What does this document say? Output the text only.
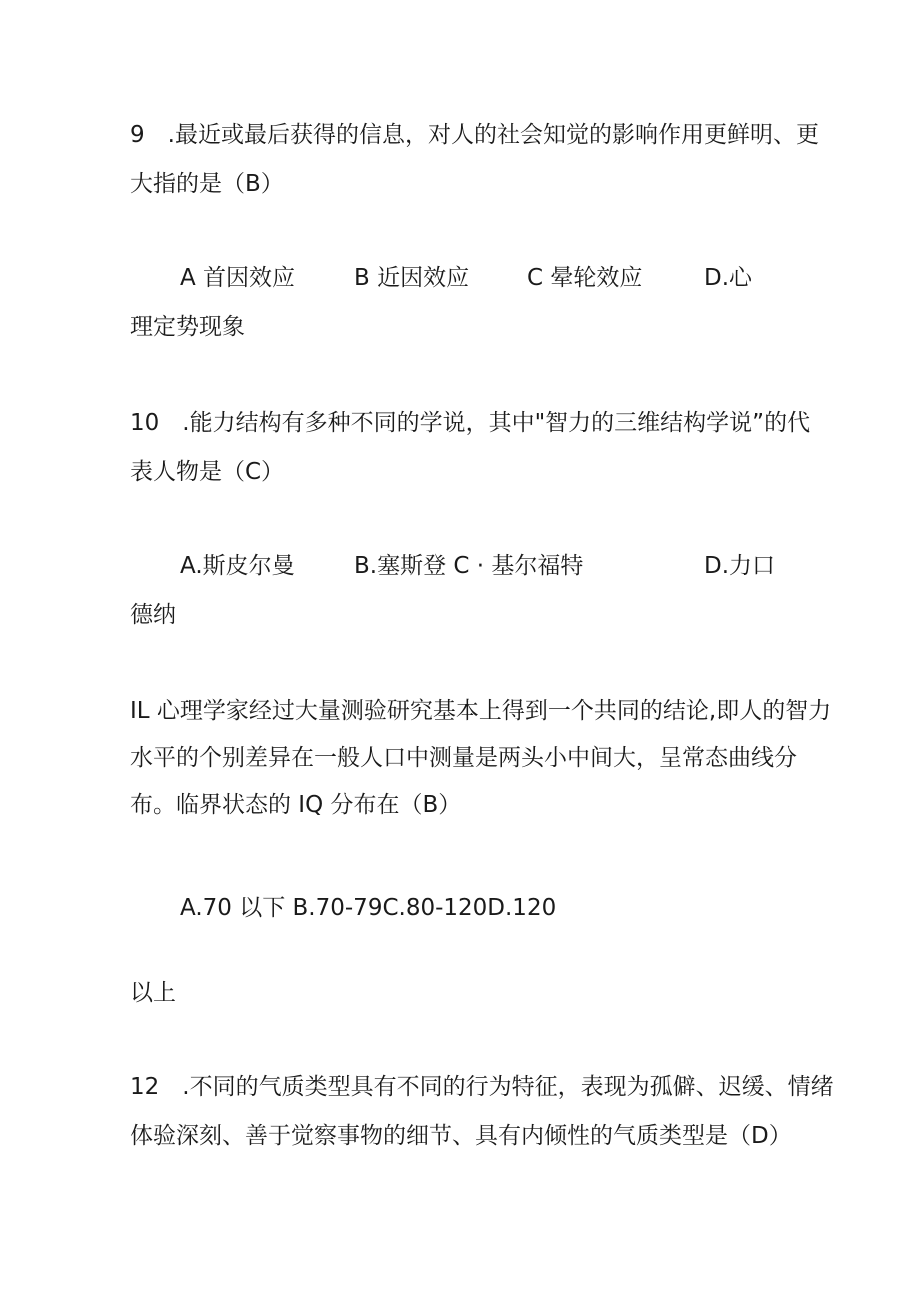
9　.最近或最后获得的信息，对人的社会知觉的影响作用更鲜明、更
大指的是（B）
A 首因效应	B 近因效应	C 晕轮效应	D.心
理定势现象
10　.能力结构有多种不同的学说，其中"智力的三维结构学说”的代
表人物是（C）
A.斯皮尔曼	B.塞斯登 C · 基尔福特	D.力口
德纳
IL 心理学家经过大量测验研究基本上得到一个共同的结论,即人的智力
水平的个别差异在一般人口中测量是两头小中间大，呈常态曲线分
布。临界状态的 IQ 分布在（B）
A.70 以下 B.70-79C.80-120D.120
以上
12　.不同的气质类型具有不同的行为特征，表现为孤僻、迟缓、情绪
体验深刻、善于觉察事物的细节、具有内倾性的气质类型是（D）
